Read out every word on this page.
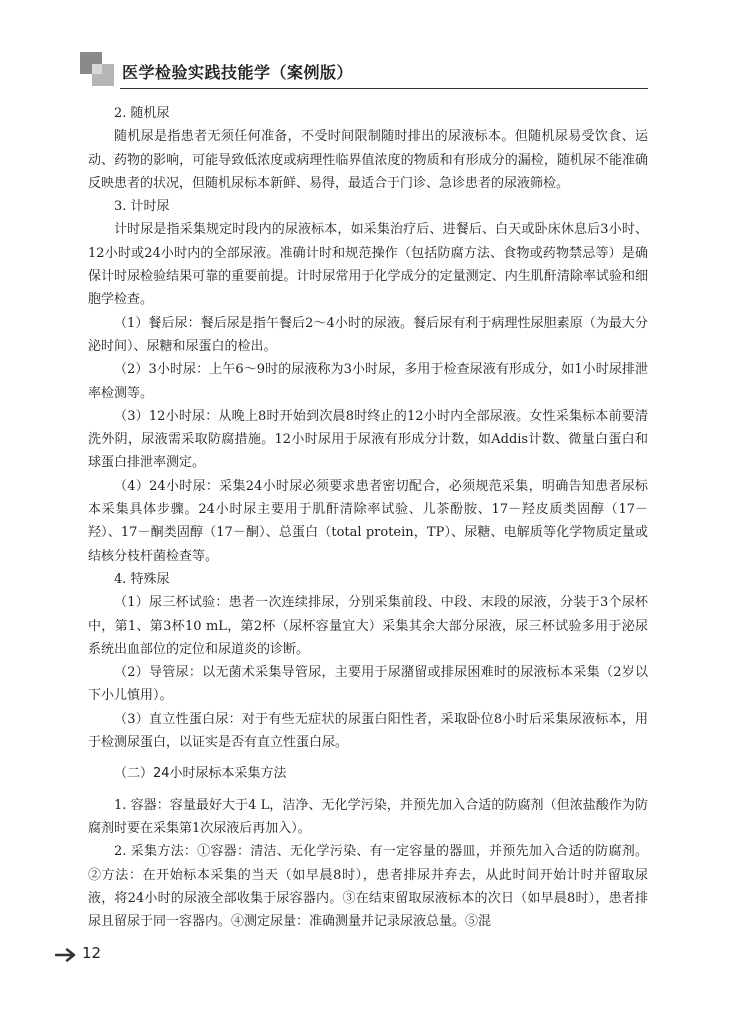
医学检验实践技能学（案例版）

2. 随机尿

随机尿是指患者无须任何准备，不受时间限制随时排出的尿液标本。但随机尿易受饮食、运动、药物的影响，可能导致低浓度或病理性临界值浓度的物质和有形成分的漏检，随机尿不能准确反映患者的状况，但随机尿标本新鲜、易得，最适合于门诊、急诊患者的尿液筛检。

3. 计时尿

计时尿是指采集规定时段内的尿液标本，如采集治疗后、进餐后、白天或卧床休息后3小时、12小时或24小时内的全部尿液。准确计时和规范操作（包括防腐方法、食物或药物禁忌等）是确保计时尿检验结果可靠的重要前提。计时尿常用于化学成分的定量测定、内生肌酐清除率试验和细胞学检查。

（1）餐后尿：餐后尿是指午餐后2～4小时的尿液。餐后尿有利于病理性尿胆素原（为最大分泌时间）、尿糖和尿蛋白的检出。

（2）3小时尿：上午6～9时的尿液称为3小时尿，多用于检查尿液有形成分，如1小时尿排泄率检测等。

（3）12小时尿：从晚上8时开始到次晨8时终止的12小时内全部尿液。女性采集标本前要清洗外阴，尿液需采取防腐措施。12小时尿用于尿液有形成分计数，如Addis计数、微量白蛋白和球蛋白排泄率测定。

（4）24小时尿：采集24小时尿必须要求患者密切配合，必须规范采集，明确告知患者尿标本采集具体步骤。24小时尿主要用于肌酐清除率试验、儿茶酚胺、17－羟皮质类固醇（17－羟）、17－酮类固醇（17－酮）、总蛋白（total protein，TP）、尿糖、电解质等化学物质定量或结核分枝杆菌检查等。

4. 特殊尿

（1）尿三杯试验：患者一次连续排尿，分别采集前段、中段、末段的尿液，分装于3个尿杯中，第1、第3杯10 mL，第2杯（尿杯容量宜大）采集其余大部分尿液，尿三杯试验多用于泌尿系统出血部位的定位和尿道炎的诊断。

（2）导管尿：以无菌术采集导管尿，主要用于尿潴留或排尿困难时的尿液标本采集（2岁以下小儿慎用）。

（3）直立性蛋白尿：对于有些无症状的尿蛋白阳性者，采取卧位8小时后采集尿液标本，用于检测尿蛋白，以证实是否有直立性蛋白尿。

（二）24小时尿标本采集方法

1. 容器：容量最好大于4 L，洁净、无化学污染，并预先加入合适的防腐剂（但浓盐酸作为防腐剂时要在采集第1次尿液后再加入）。

2. 采集方法：①容器：清洁、无化学污染、有一定容量的器皿，并预先加入合适的防腐剂。②方法：在开始标本采集的当天（如早晨8时），患者排尿并弃去，从此时间开始计时并留取尿液，将24小时的尿液全部收集于尿容器内。③在结束留取尿液标本的次日（如早晨8时），患者排尿且留尿于同一容器内。④测定尿量：准确测量并记录尿液总量。⑤混

12
